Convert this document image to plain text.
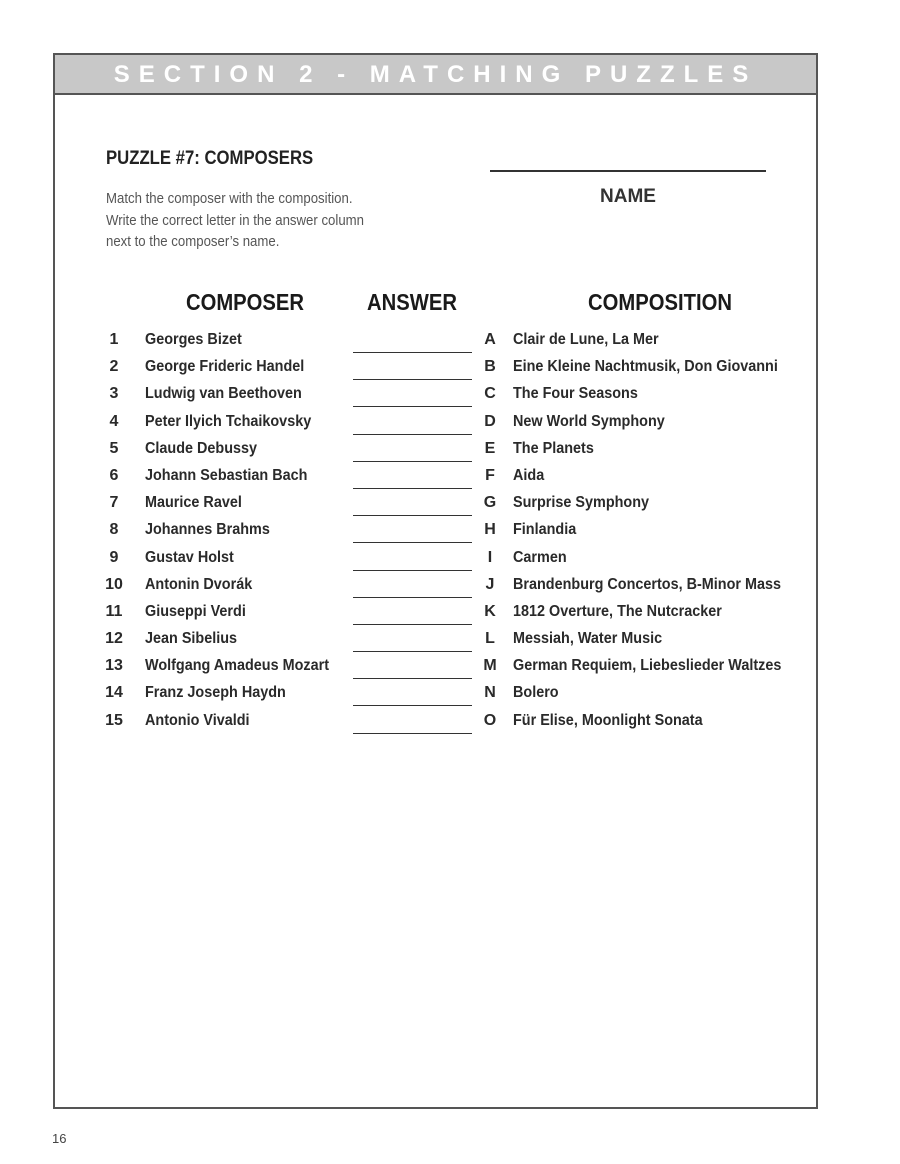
SECTION 2 - MATCHING PUZZLES
PUZZLE #7: COMPOSERS
Match the composer with the composition.
Write the correct letter in the answer column
next to the composer’s name.
NAME
COMPOSER	ANSWER	COMPOSITION
1	Georges Bizet	A Clair de Lune, La Mer
2	George Frideric Handel	B Eine Kleine Nachtmusik, Don Giovanni
3	Ludwig van Beethoven	C The Four Seasons
4	Peter Ilyich Tchaikovsky	D New World Symphony
5	Claude Debussy	E The Planets
6	Johann Sebastian Bach	F	Aida
7	Maurice Ravel	G Surprise Symphony
8	Johannes Brahms	H Finlandia
9	Gustav Holst	I	Carmen
10	Antonin Dvorák	J	Brandenburg Concertos, B-Minor Mass
11	Giuseppi Verdi	K 1812 Overture, The Nutcracker
12	Jean Sibelius	L	Messiah, Water Music
13	Wolfgang Amadeus Mozart	M German Requiem, Liebeslieder Waltzes
14	Franz Joseph Haydn	N Bolero
15	Antonio Vivaldi	O Für Elise, Moonlight Sonata
16
